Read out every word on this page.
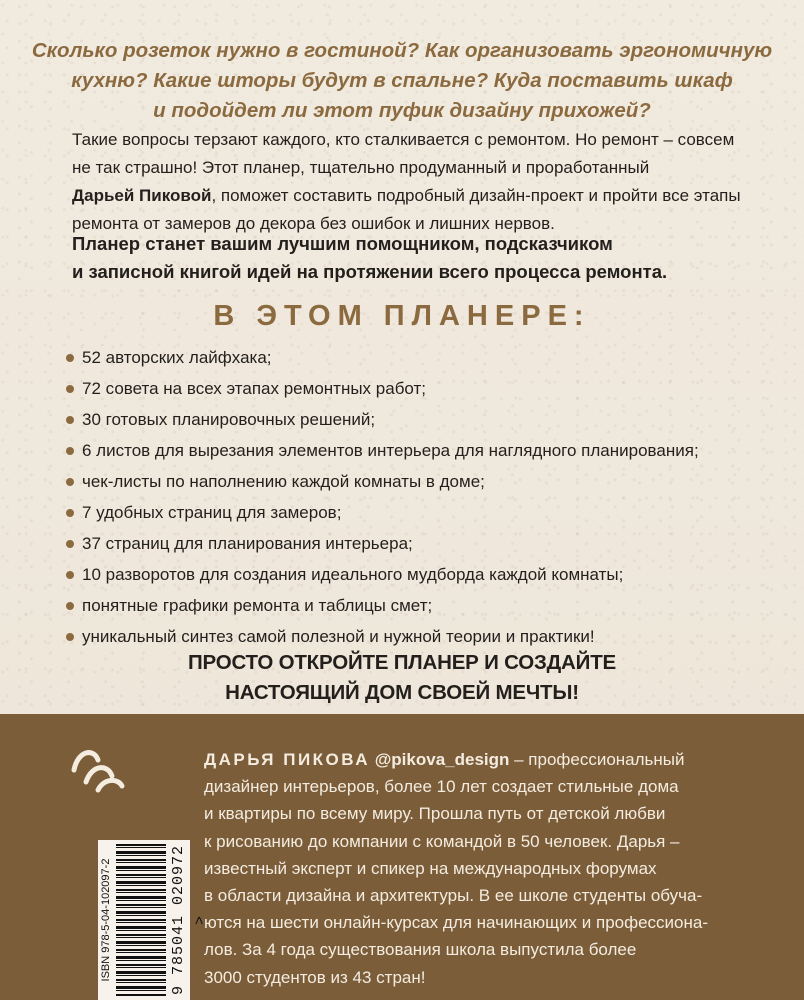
Сколько розеток нужно в гостиной? Как организовать эргономичную
кухню? Какие шторы будут в спальне? Куда поставить шкаф
и подойдет ли этот пуфик дизайну прихожей?
Такие вопросы терзают каждого, кто сталкивается с ремонтом. Но ремонт – совсем
не так страшно! Этот планер, тщательно продуманный и проработанный
Дарьей Пиковой, поможет составить подробный дизайн-проект и пройти все этапы
ремонта от замеров до декора без ошибок и лишних нервов.
Планер станет вашим лучшим помощником, подсказчиком
и записной книгой идей на протяжении всего процесса ремонта.
В ЭТОМ ПЛАНЕРЕ:
52 авторских лайфхака;
72 совета на всех этапах ремонтных работ;
30 готовых планировочных решений;
6 листов для вырезания элементов интерьера для наглядного планирования;
чек-листы по наполнению каждой комнаты в доме;
7 удобных страниц для замеров;
37 страниц для планирования интерьера;
10 разворотов для создания идеального мудборда каждой комнаты;
понятные графики ремонта и таблицы смет;
уникальный синтез самой полезной и нужной теории и практики!
ПРОСТО ОТКРОЙТЕ ПЛАНЕР И СОЗДАЙТЕ
НАСТОЯЩИЙ ДОМ СВОЕЙ МЕЧТЫ!
ДАРЬЯ ПИКОВА @pikova_design – профессиональный
дизайнер интерьеров, более 10 лет создает стильные дома
и квартиры по всему миру. Прошла путь от детской любви
к рисованию до компании с командой в 50 человек. Дарья –
известный эксперт и спикер на международных форумах
в области дизайна и архитектуры. В ее школе студенты обуча-
ются на шести онлайн-курсах для начинающих и профессиона-
лов. За 4 года существования школа выпустила более
3000 студентов из 43 стран!
ISBN 978-5-04-102097-2	9 785041 020972 >
